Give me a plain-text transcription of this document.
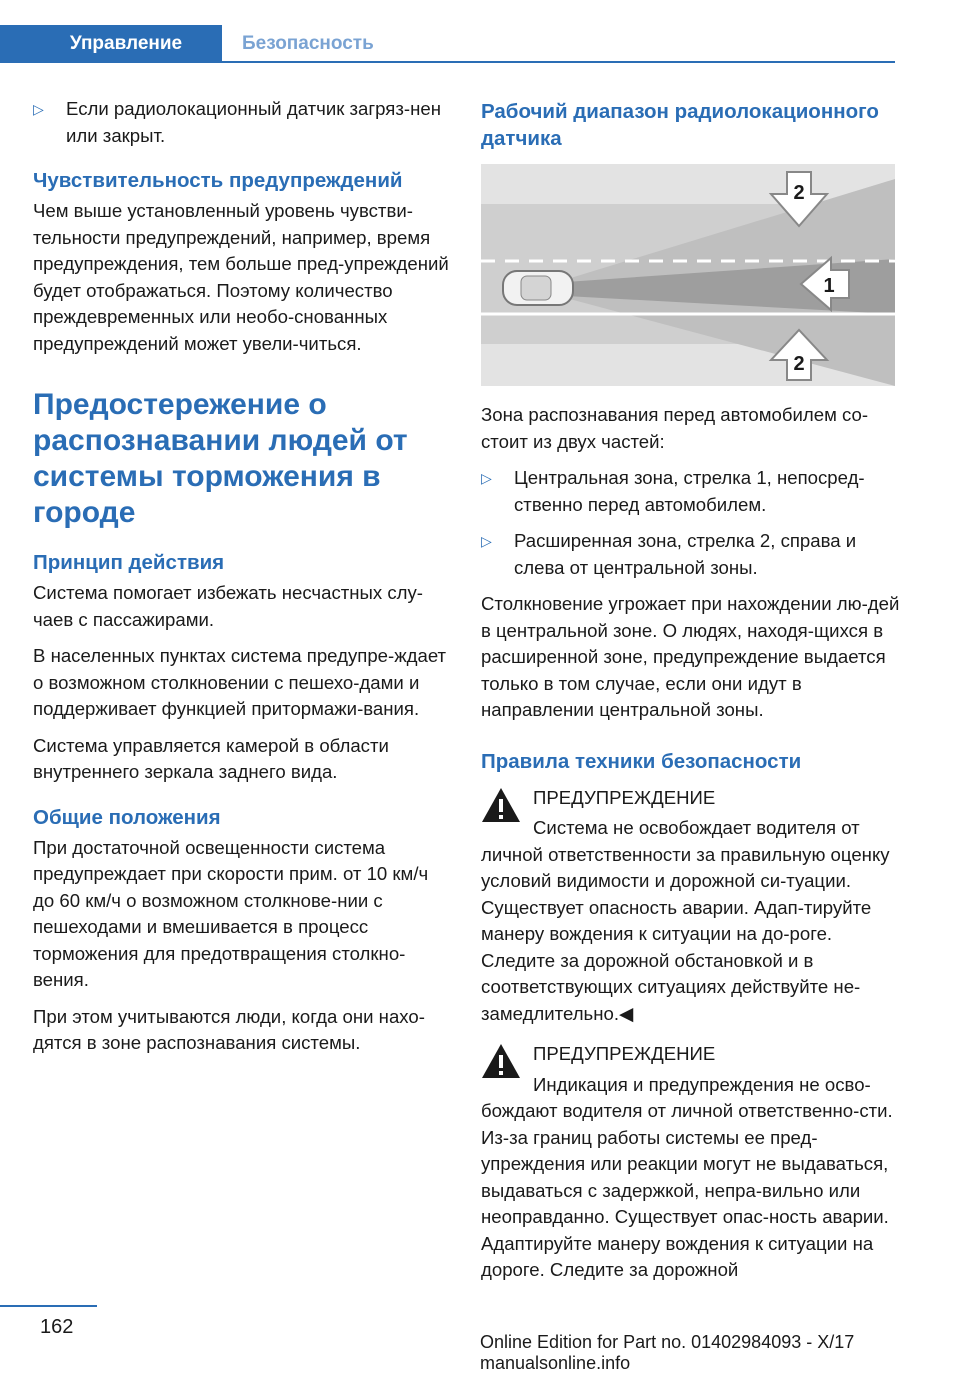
Управление	Безопасность
▷ Если радиолокационный датчик загряз‐нен или закрыт.
Чувствительность предупреждений

Чем выше установленный уровень чувстви‐тельности предупреждений, например, время предупреждения, тем больше пред‐упреждений будет отображаться. Поэтому количество преждевременных или необо‐снованных предупреждений может увели‐читься.

Предостережение о распознавании людей от системы торможения в городе
Принцип действия

Система помогает избежать несчастных слу‐чаев с пассажирами.

В населенных пунктах система предупре‐ждает о возможном столкновении с пешехо‐дами и поддерживает функцией притормажи‐вания.

Система управляется камерой в области внутреннего зеркала заднего вида.

Общие положения

При достаточной освещенности система предупреждает при скорости прим. от 10 км/ч до 60 км/ч о возможном столкнове‐нии с пешеходами и вмешивается в процесс торможения для предотвращения столкно‐вения.

При этом учитываются люди, когда они нахо‐дятся в зоне распознавания системы.

Рабочий диапазон радиолокационного датчика
2
1
2

Зона распознавания перед автомобилем со‐стоит из двух частей:

▷ Центральная зона, стрелка 1, непосред‐ственно перед автомобилем.
▷ Расширенная зона, стрелка 2, справа и слева от центральной зоны.

Столкновение угрожает при нахождении лю‐дей в центральной зоне. О людях, находя‐щихся в расширенной зоне, предупреждение выдается только в том случае, если они идут в направлении центральной зоны.

Правила техники безопасности

ПРЕДУПРЕЖДЕНИЕ

Система не освобождает водителя от личной ответственности за правильную оценку условий видимости и дорожной си‐туации. Существует опасность аварии. Адап‐тируйте манеру вождения к ситуации на до‐роге. Следите за дорожной обстановкой и в соответствующих ситуациях действуйте не‐замедлительно.◀

ПРЕДУПРЕЖДЕНИЕ

Индикация и предупреждения не осво‐бождают водителя от личной ответственно‐сти. Из-за границ работы системы ее пред‐упреждения или реакции могут не выдаваться, выдаваться с задержкой, непра‐вильно или неоправданно. Существует опас‐ность аварии. Адаптируйте манеру вождения к ситуации на дороге. Следите за дорожной

162
Online Edition for Part no. 01402984093 - X/17 manualsonline.info
